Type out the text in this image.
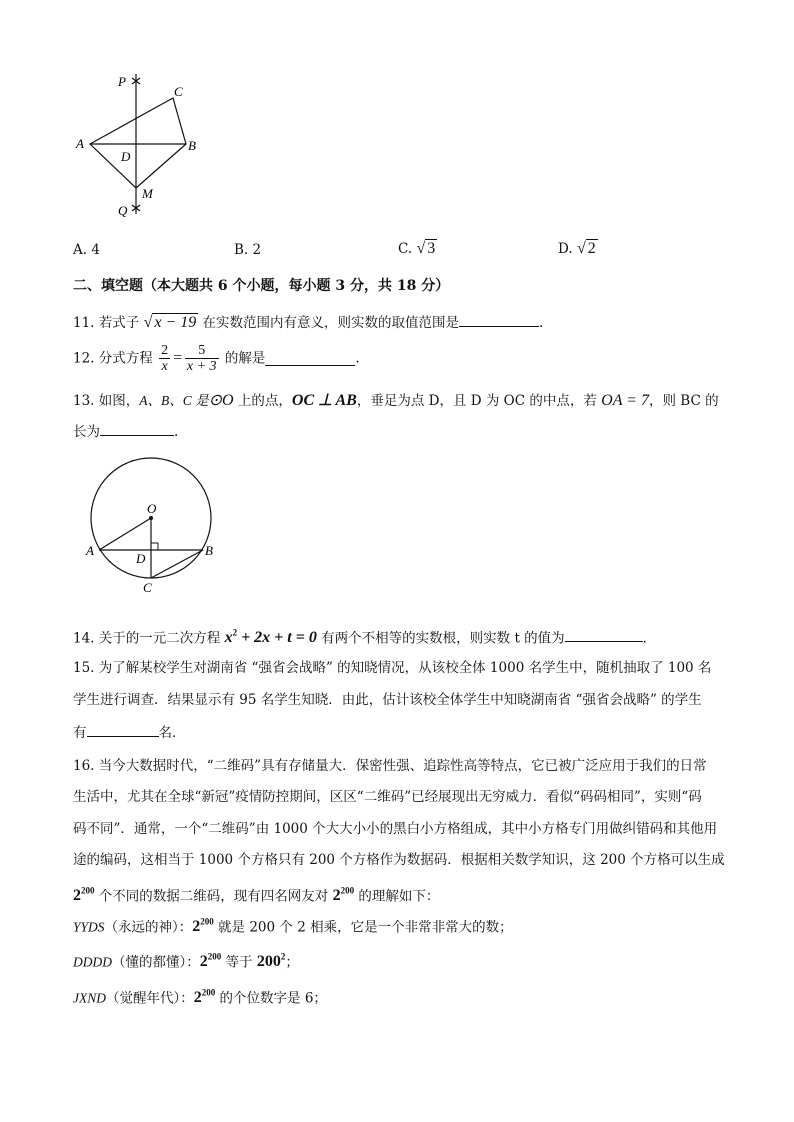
P
C
A
D
B
M
Q
A. 4	B. 2	C. √ 3	D. √ 2
二、填空题（本大题共 6 个小题，每小题 3 分，共 18 分）
11. 若式子 √ x − 19 在实数范围内有意义，则实数的取值范围是	.
12. 分式方程 $\frac{2}{x} = \frac{5}{x + 3}$ 的解是	.
13. 如图，A、B、C 是⊙O 上的点，OC ⊥ AB，垂足为点 D，且 D 为 OC 的中点，若 OA = 7，则 BC 的
长为	.
O
A	B
D
C
14. 关于的一元二次方程 $x^2 + 2x + t = 0$ 有两个不相等的实数根，则实数 t 的值为	.
15. 为了解某校学生对湖南省 “强省会战略” 的知晓情况，从该校全体 1000 名学生中，随机抽取了 100 名
学生进行调查．结果显示有 95 名学生知晓．由此，估计该校全体学生中知晓湖南省 “强省会战略” 的学生
有	名．
16. 当今大数据时代，“二维码”具有存储量大．保密性强、追踪性高等特点，它已被广泛应用于我们的日常
生活中，尤其在全球“新冠”疫情防控期间，区区“二维码”已经展现出无穷威力．看似“码码相同”，实则“码
码不同”．通常，一个“二维码”由 1000 个大大小小的黑白小方格组成，其中小方格专门用做纠错码和其他用
途的编码，这相当于 1000 个方格只有 200 个方格作为数据码．根据相关数学知识，这 200 个方格可以生成
$2^{200}$ 个不同的数据二维码，现有四名网友对 $2^{200}$ 的理解如下：
YYDS（永远的神）：$2^{200}$ 就是 200 个 2 相乘，它是一个非常非常大的数；
DDDD（懂的都懂）：$2^{200}$ 等于 $200^2$；
JXND（觉醒年代）：$2^{200}$ 的个位数字是 6；
